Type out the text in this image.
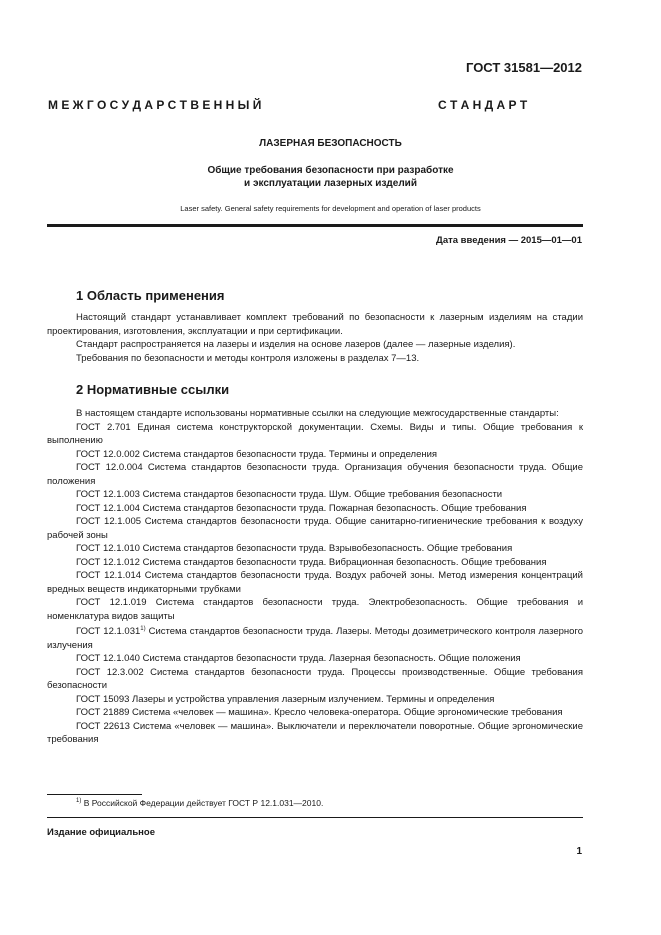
ГОСТ 31581—2012
М Е Ж Г О С У Д А Р С Т В Е Н Н Ы Й	С Т А Н Д А Р Т
ЛАЗЕРНАЯ БЕЗОПАСНОСТЬ
Общие требования безопасности при разработке
и эксплуатации лазерных изделий
Laser safety. General safety requirements for development and operation of laser products
Дата введения — 2015—01—01
1 Область применения
Настоящий стандарт устанавливает комплект требований по безопасности к лазерным изделиям на стадии проектирования, изготовления, эксплуатации и при сертификации.
Стандарт распространяется на лазеры и изделия на основе лазеров (далее — лазерные изделия).
Требования по безопасности и методы контроля изложены в разделах 7—13.
2 Нормативные ссылки
В настоящем стандарте использованы нормативные ссылки на следующие межгосударственные стандарты:
ГОСТ 2.701 Единая система конструкторской документации. Схемы. Виды и типы. Общие требования к выполнению
ГОСТ 12.0.002 Система стандартов безопасности труда. Термины и определения
ГОСТ 12.0.004 Система стандартов безопасности труда. Организация обучения безопасности труда. Общие положения
ГОСТ 12.1.003 Система стандартов безопасности труда. Шум. Общие требования безопасности
ГОСТ 12.1.004 Система стандартов безопасности труда. Пожарная безопасность. Общие требования
ГОСТ 12.1.005 Система стандартов безопасности труда. Общие санитарно-гигиенические требования к воздуху рабочей зоны
ГОСТ 12.1.010 Система стандартов безопасности труда. Взрывобезопасность. Общие требования
ГОСТ 12.1.012 Система стандартов безопасности труда. Вибрационная безопасность. Общие требования
ГОСТ 12.1.014 Система стандартов безопасности труда. Воздух рабочей зоны. Метод измерения концентраций вредных веществ индикаторными трубками
ГОСТ 12.1.019 Система стандартов безопасности труда. Электробезопасность. Общие требования и номенклатура видов защиты
ГОСТ 12.1.031$^{1)}$ Система стандартов безопасности труда. Лазеры. Методы дозиметрического контроля лазерного излучения
ГОСТ 12.1.040 Система стандартов безопасности труда. Лазерная безопасность. Общие положения
ГОСТ 12.3.002 Система стандартов безопасности труда. Процессы производственные. Общие требования безопасности
ГОСТ 15093 Лазеры и устройства управления лазерным излучением. Термины и определения
ГОСТ 21889 Система «человек — машина». Кресло человека-оператора. Общие эргономические требования
ГОСТ 22613 Система «человек — машина». Выключатели и переключатели поворотные. Общие эргономические требования
$^{1)}$ В Российской Федерации действует ГОСТ Р 12.1.031—2010.
Издание официальное
1
